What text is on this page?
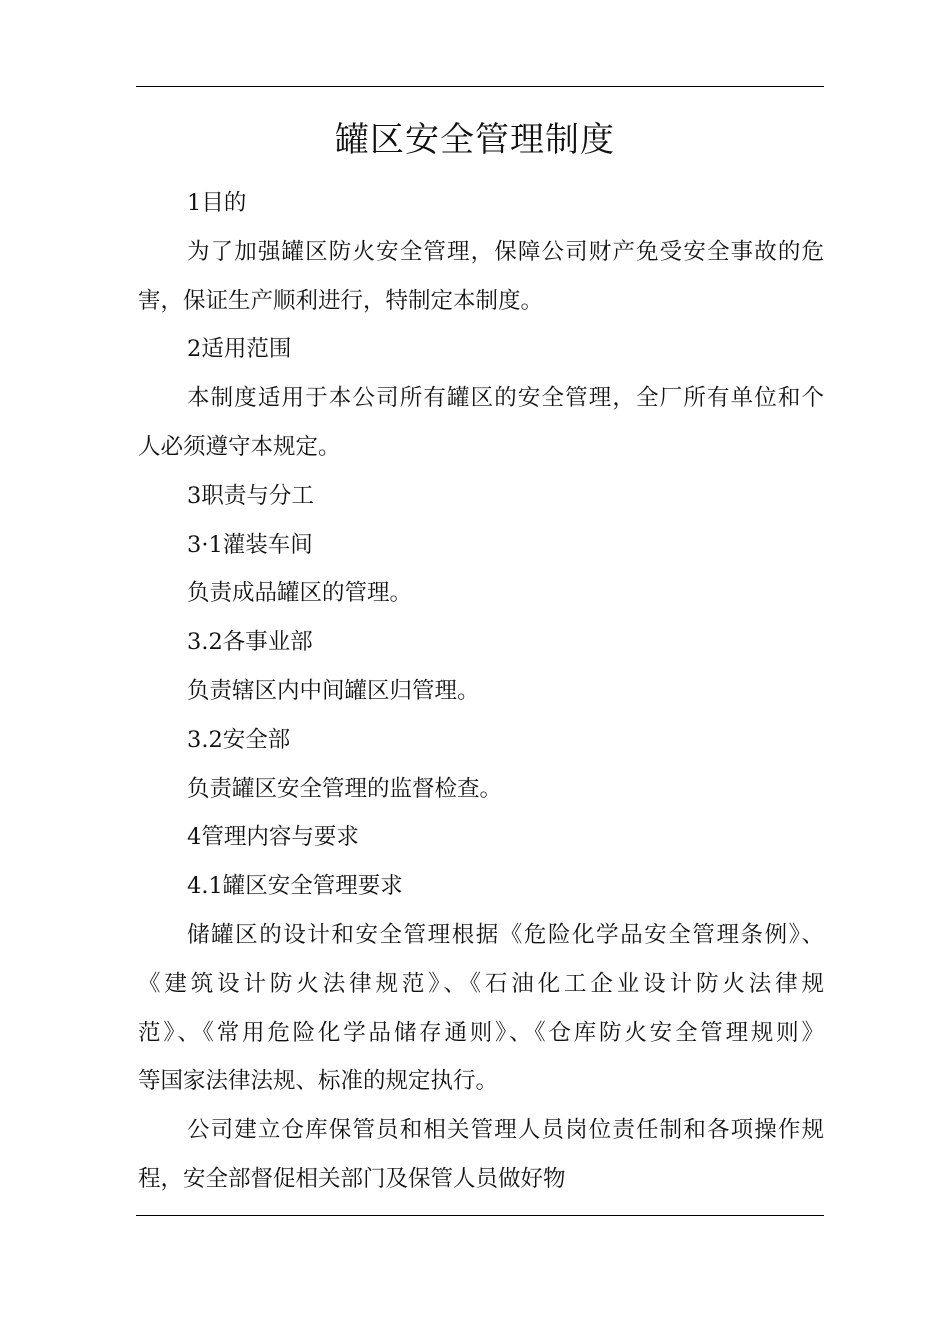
罐区安全管理制度
1目的
为了加强罐区防火安全管理，保障公司财产免受安全事故的危
害，保证生产顺利进行，特制定本制度。
2适用范围
本制度适用于本公司所有罐区的安全管理，全厂所有单位和个
人必须遵守本规定。
3职责与分工
3·1灌装车间
负责成品罐区的管理。
3.2各事业部
负责辖区内中间罐区归管理。
3.2安全部
负责罐区安全管理的监督检查。
4管理内容与要求
4.1罐区安全管理要求
储罐区的设计和安全管理根据《危险化学品安全管理条例》、
《建筑设计防火法律规范》、《石油化工企业设计防火法律规
范》、《常用危险化学品储存通则》、《仓库防火安全管理规则》
等国家法律法规、标准的规定执行。
公司建立仓库保管员和相关管理人员岗位责任制和各项操作规
程，安全部督促相关部门及保管人员做好物
